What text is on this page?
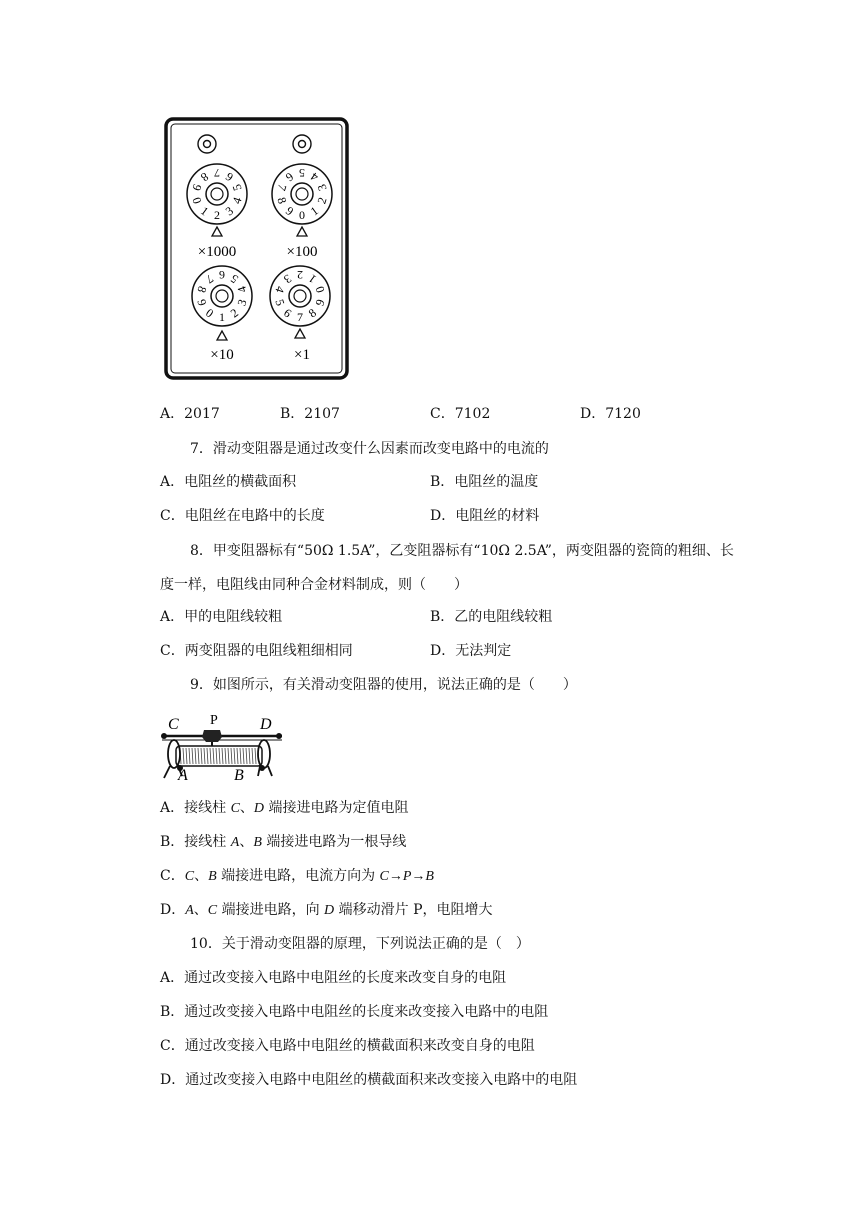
0
1 2 3
4
5
6
7
8
9
0 1
2
3
4
5
6
7
8
9
0 1 2
3
4
5
6
7
8
9
0
1
2
3
4
5
6 7 8
9
×1000	×100
×10	×1
A．2017	B．2107	C．7102	D．7120
7．滑动变阻器是通过改变什么因素而改变电路中的电流的
A．电阻丝的横截面积	B．电阻丝的温度
C．电阻丝在电路中的长度	D．电阻丝的材料
8．甲变阻器标有“50Ω 1.5A”，乙变阻器标有“10Ω 2.5A”，两变阻器的瓷筒的粗细、长
度一样，电阻线由同种合金材料制成，则（　　）
A．甲的电阻线较粗	B．乙的电阻线较粗
C．两变阻器的电阻线粗细相同	D．无法判定
9．如图所示，有关滑动变阻器的使用，说法正确的是（　　）
C P	D
A	B
A．接线柱 C、D 端接进电路为定值电阻
B．接线柱 A、B 端接进电路为一根导线
C．C、B 端接进电路，电流方向为 C→P→B
D．A、C 端接进电路，向 D 端移动滑片 P，电阻增大
10．关于滑动变阻器的原理，下列说法正确的是（　）
A．通过改变接入电路中电阻丝的长度来改变自身的电阻
B．通过改变接入电路中电阻丝的长度来改变接入电路中的电阻
C．通过改变接入电路中电阻丝的横截面积来改变自身的电阻
D．通过改变接入电路中电阻丝的横截面积来改变接入电路中的电阻
